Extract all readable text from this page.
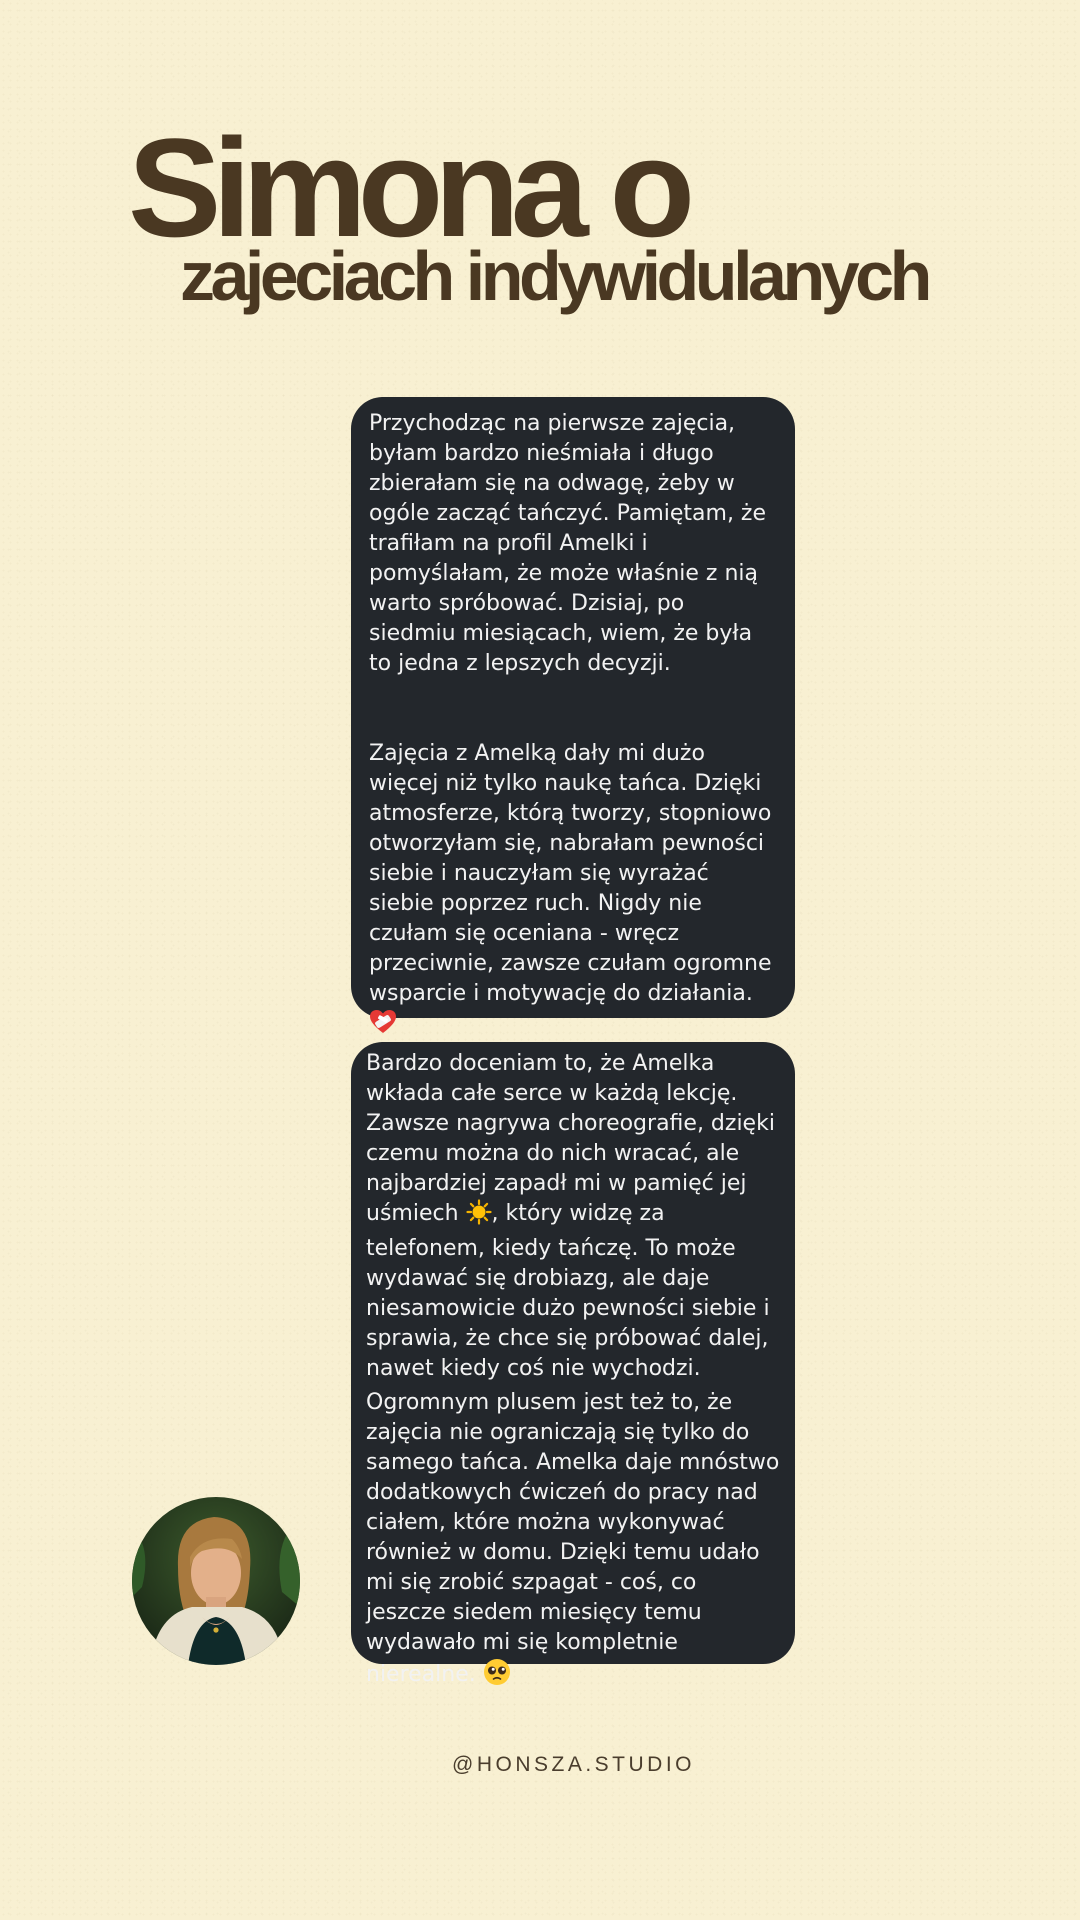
Simona o
zajeciach indywidulanych

Przychodząc na pierwsze zajęcia, byłam bardzo nieśmiała i długo zbierałam się na odwagę, żeby w ogóle zacząć tańczyć. Pamiętam, że trafiłam na profil Amelki i pomyślałam, że może właśnie z nią warto spróbować. Dzisiaj, po siedmiu miesiącach, wiem, że była to jedna z lepszych decyzji.

Zajęcia z Amelką dały mi dużo więcej niż tylko naukę tańca. Dzięki atmosferze, którą tworzy, stopniowo otworzyłam się, nabrałam pewności siebie i nauczyłam się wyrażać siebie poprzez ruch. Nigdy nie czułam się oceniana - wręcz przeciwnie, zawsze czułam ogromne wsparcie i motywację do działania.

Bardzo doceniam to, że Amelka wkłada całe serce w każdą lekcję. Zawsze nagrywa choreografie, dzięki czemu można do nich wracać, ale najbardziej zapadł mi w pamięć jej uśmiech , który widzę za telefonem, kiedy tańczę. To może wydawać się drobiazg, ale daje niesamowicie dużo pewności siebie i sprawia, że chce się próbować dalej, nawet kiedy coś nie wychodzi.

Ogromnym plusem jest też to, że zajęcia nie ograniczają się tylko do samego tańca. Amelka daje mnóstwo dodatkowych ćwiczeń do pracy nad ciałem, które można wykonywać również w domu. Dzięki temu udało mi się zrobić szpagat - coś, co jeszcze siedem miesięcy temu wydawało mi się kompletnie nierealne.

@HONSZA.STUDIO
